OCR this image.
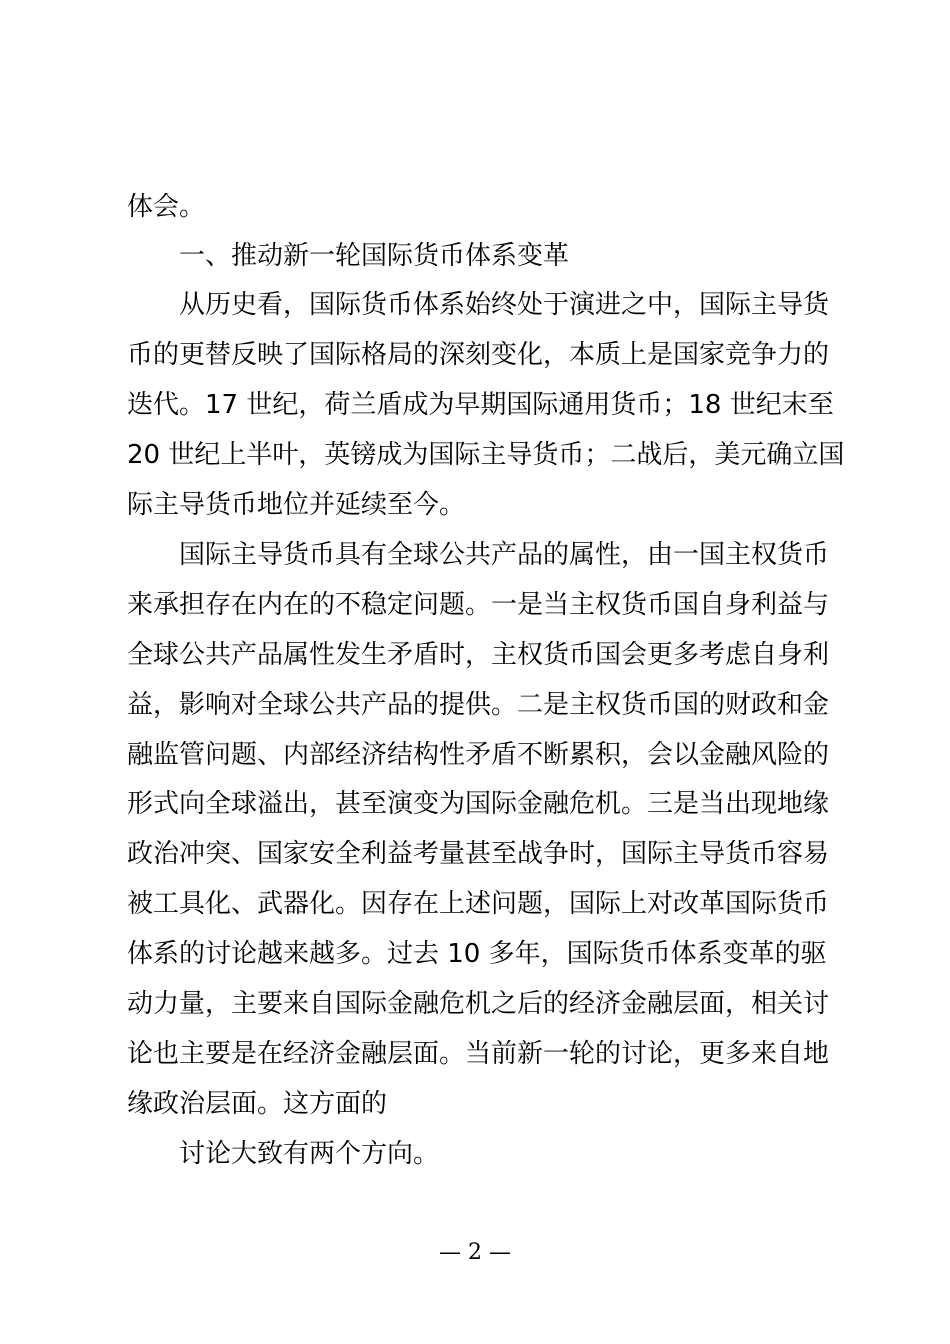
体会。
一、推动新一轮国际货币体系变革
从历史看，国际货币体系始终处于演进之中，国际主导货
币的更替反映了国际格局的深刻变化，本质上是国家竞争力的
迭代。17 世纪，荷兰盾成为早期国际通用货币；18 世纪末至
20 世纪上半叶，英镑成为国际主导货币；二战后，美元确立国
际主导货币地位并延续至今。
国际主导货币具有全球公共产品的属性，由一国主权货币
来承担存在内在的不稳定问题。一是当主权货币国自身利益与
全球公共产品属性发生矛盾时，主权货币国会更多考虑自身利
益，影响对全球公共产品的提供。二是主权货币国的财政和金
融监管问题、内部经济结构性矛盾不断累积，会以金融风险的
形式向全球溢出，甚至演变为国际金融危机。三是当出现地缘
政治冲突、国家安全利益考量甚至战争时，国际主导货币容易
被工具化、武器化。因存在上述问题，国际上对改革国际货币
体系的讨论越来越多。过去 10 多年，国际货币体系变革的驱
动力量，主要来自国际金融危机之后的经济金融层面，相关讨
论也主要是在经济金融层面。当前新一轮的讨论，更多来自地
缘政治层面。这方面的
讨论大致有两个方向。
— 2 —
